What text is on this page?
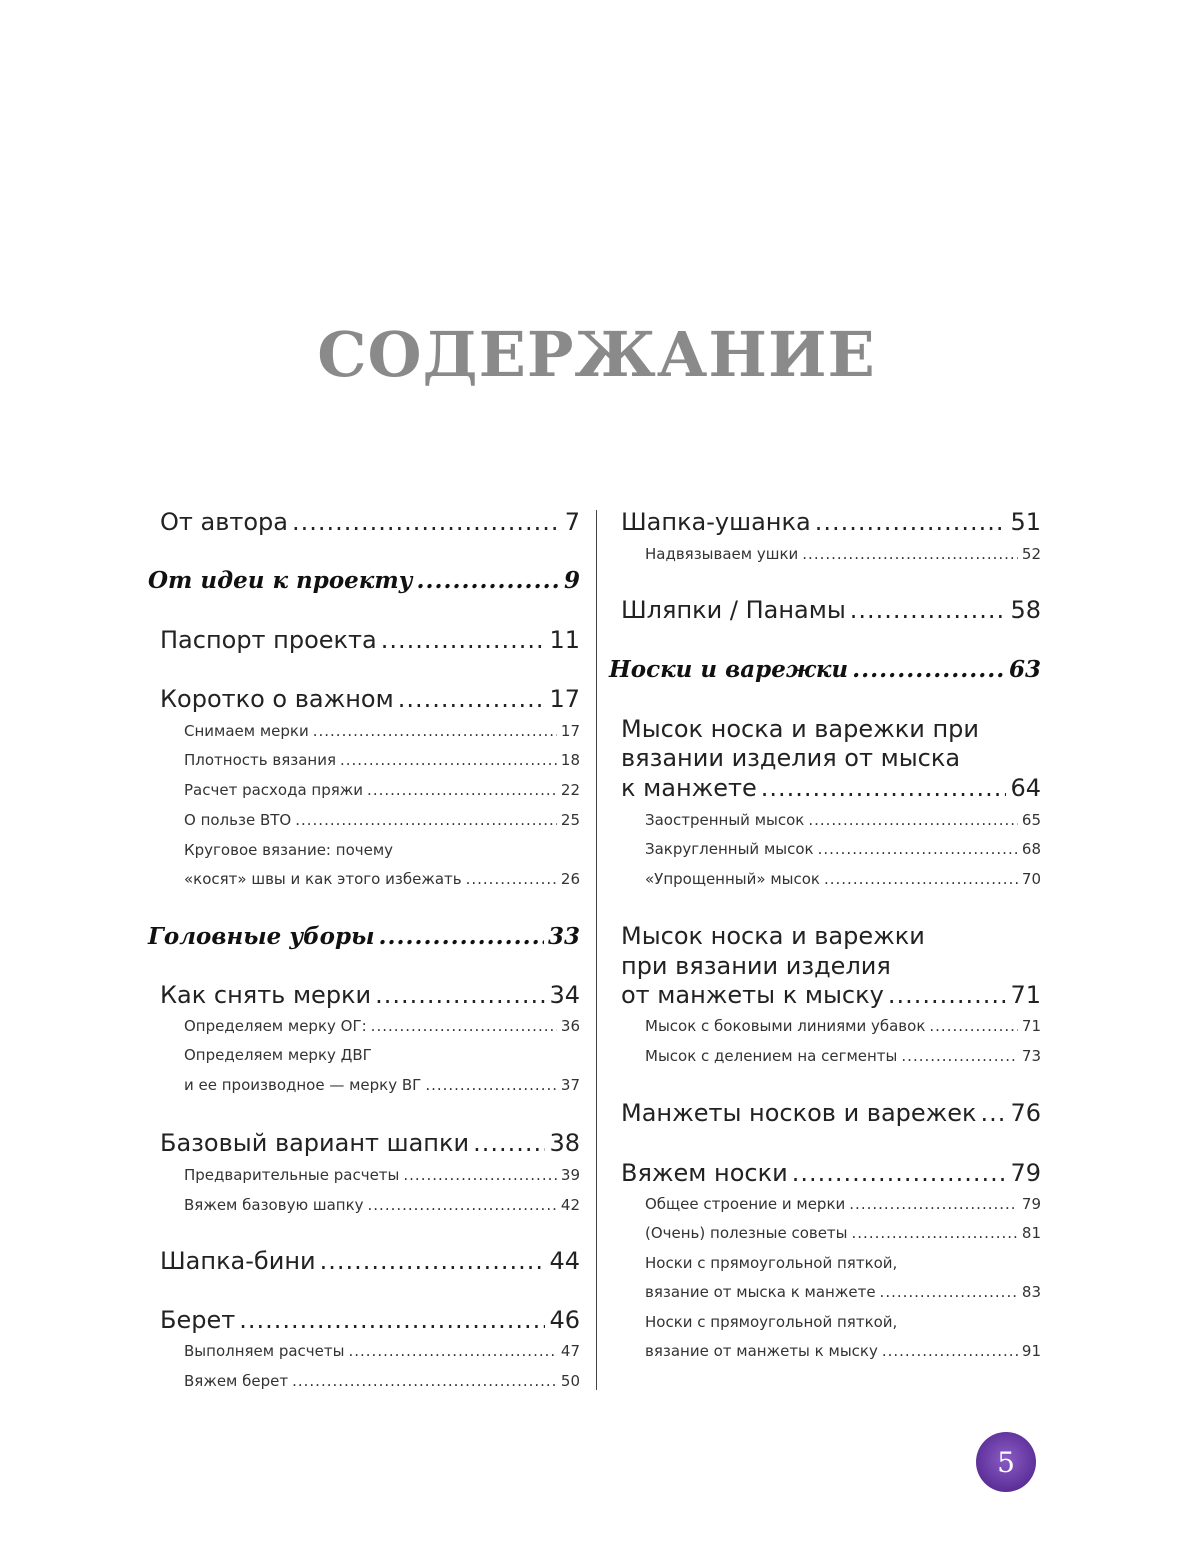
СОДЕРЖАНИЕ
От автора .....	7
От идеи к проекту .....	9
Паспорт проекта .....	11
Коротко о важном .....	17
Снимаем мерки .....	17
Плотность вязания .....	18
Расчет расхода пряжи .....	22
О пользе ВТО .....	25
Круговое вязание: почему
«косят» швы и как этого избежать .....	26
Головные уборы .....	33
Как снять мерки .....	34
Определяем мерку ОГ: .....	36
Определяем мерку ДВГ
и ее производное — мерку ВГ .....	37
Базовый вариант шапки .....	38
Предварительные расчеты .....	39
Вяжем базовую шапку .....	42
Шапка-бини .....	44
Берет .....	46
Выполняем расчеты .....	47
Вяжем берет .....	50
Шапка-ушанка .....	51
Надвязываем ушки .....	52
Шляпки / Панамы .....	58
Носки и варежки .....	63
Мысок носка и варежки при
вязании изделия от мыска
к манжете .....	64
Заостренный мысок .....	65
Закругленный мысок .....	68
«Упрощенный» мысок .....	70
Мысок носка и варежки
при вязании изделия
от манжеты к мыску .....	71
Мысок с боковыми линиями убавок .....	71
Мысок с делением на сегменты .....	73
Манжеты носков и варежек ..... 76
Вяжем носки .....	79
Общее строение и мерки .....	79
(Очень) полезные советы .....	81
Носки с прямоугольной пяткой,
вязание от мыска к манжете .....	83
Носки с прямоугольной пяткой,
вязание от манжеты к мыску .....	91
5
